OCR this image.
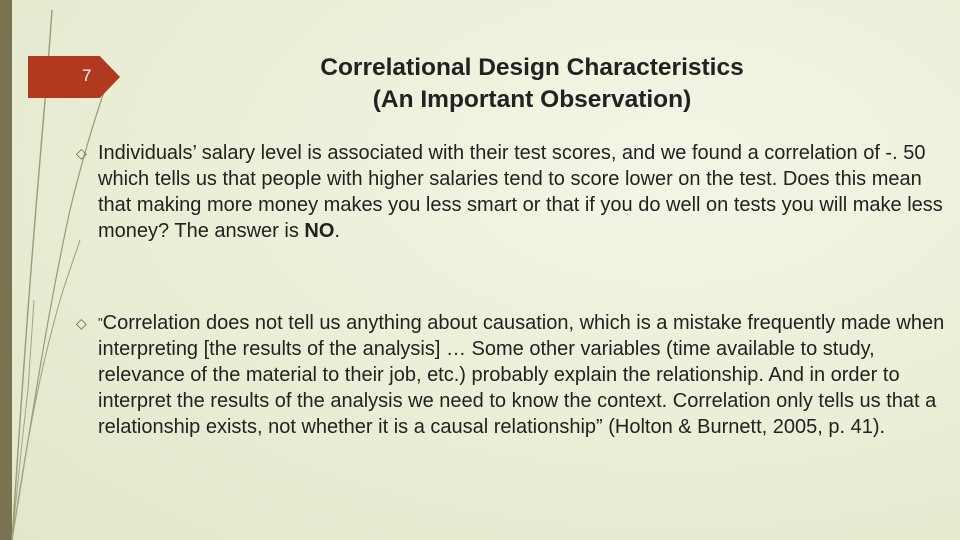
7	Correlational Design Characteristics
(An Important Observation)
◇ Individuals’ salary level is associated with their test scores, and we found a correlation of -. 50 which tells us that people with higher salaries tend to score lower on the test. Does this mean that making more money makes you less smart or that if you do well on tests you will make less money? The answer is NO.
◇ "Correlation does not tell us anything about causation, which is a mistake frequently made when interpreting [the results of the analysis] … Some other variables (time available to study, relevance of the material to their job, etc.) probably explain the relationship. And in order to interpret the results of the analysis we need to know the context. Correlation only tells us that a relationship exists, not whether it is a causal relationship” (Holton & Burnett, 2005, p. 41).
